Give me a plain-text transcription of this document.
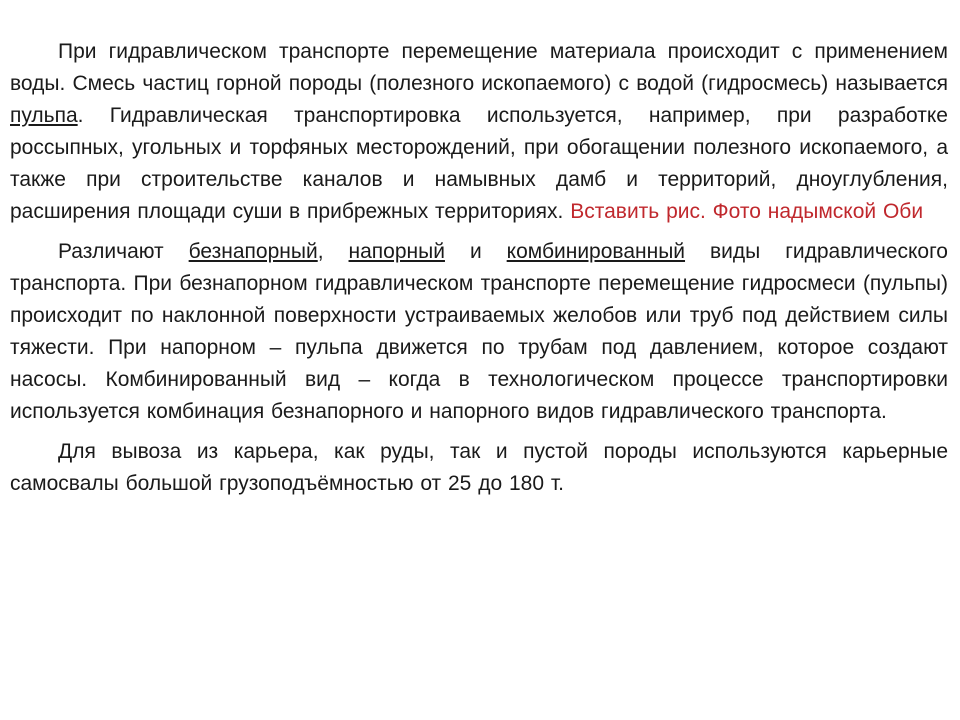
При гидравлическом транспорте перемещение материала происходит с применением воды. Смесь частиц горной породы (полезного ископаемого) с водой (гидросмесь) называется пульпа. Гидравлическая транспортировка используется, например, при разработке россыпных, угольных и торфяных месторождений, при обогащении полезного ископаемого, а также при строительстве каналов и намывных дамб и территорий, дноуглубления, расширения площади суши в прибрежных территориях. Вставить рис. Фото надымской Оби

Различают безнапорный, напорный и комбинированный виды гидравлического транспорта. При безнапорном гидравлическом транспорте перемещение гидросмеси (пульпы) происходит по наклонной поверхности устраиваемых желобов или труб под действием силы тяжести. При напорном – пульпа движется по трубам под давлением, которое создают насосы. Комбинированный вид – когда в технологическом процессе транспортировки используется комбинация безнапорного и напорного видов гидравлического транспорта.

Для вывоза из карьера, как руды, так и пустой породы используются карьерные самосвалы большой грузоподъёмностью от 25 до 180 т.
